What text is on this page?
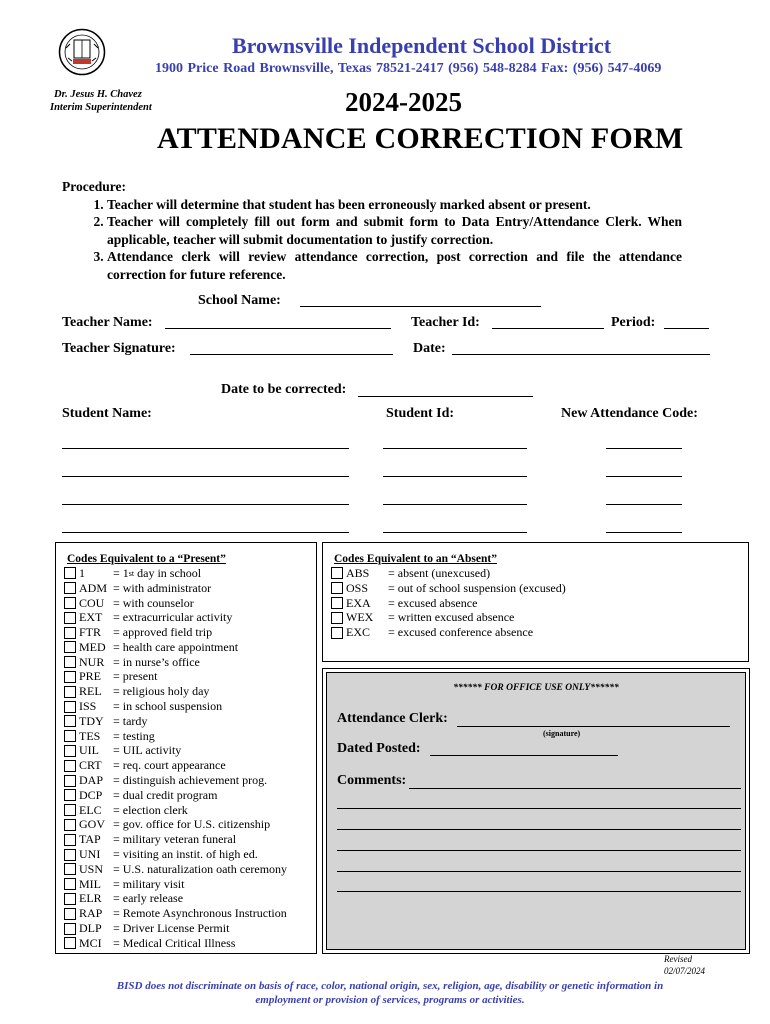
Brownsville Independent School District
1900 Price Road Brownsville, Texas 78521-2417 (956) 548-8284 Fax: (956) 547-4069
Dr. Jesus H. Chavez
Interim Superintendent	2024-2025
ATTENDANCE CORRECTION FORM
Procedure:
1. Teacher will determine that student has been erroneously marked absent or present.
2. Teacher will completely fill out form and submit form to Data Entry/Attendance Clerk. When applicable, teacher will submit documentation to justify correction.
3. Attendance clerk will review attendance correction, post correction and file the attendance correction for future reference.
School Name:
Teacher Name:	Teacher Id:	Period:
Teacher Signature:	Date:
Date to be corrected:
Student Name:	Student Id:	New Attendance Code:
Codes Equivalent to a “Present”
1	= 1 st day in school
ADM = with administrator
COU = with counselor
EXT = extracurricular activity
FTR = approved field trip
MED = health care appointment
NUR = in nurse’s office
PRE = present
REL = religious holy day
ISS	= in school suspension
TDY = tardy
TES	= testing
UIL	= UIL activity
CRT = req. court appearance
DAP = distinguish achievement prog.
DCP = dual credit program
ELC = election clerk
GOV = gov. office for U.S. citizenship
TAP	= military veteran funeral
UNI	= visiting an instit. of high ed.
USN = U.S. naturalization oath ceremony
MIL	= military visit
ELR = early release
RAP = Remote Asynchronous Instruction
DLP = Driver License Permit
MCI = Medical Critical Illness
Codes Equivalent to an “Absent”
ABS	= absent (unexcused)
OSS	= out of school suspension (excused)
EXA	= excused absence
WEX	= written excused absence
EXC	= excused conference absence
****** FOR OFFICE USE ONLY******
Attendance Clerk:
(signature)
Dated Posted:
Comments:
Revised
02/07/2024
BISD does not discriminate on basis of race, color, national origin, sex, religion, age, disability or genetic information in
employment or provision of services, programs or activities.
